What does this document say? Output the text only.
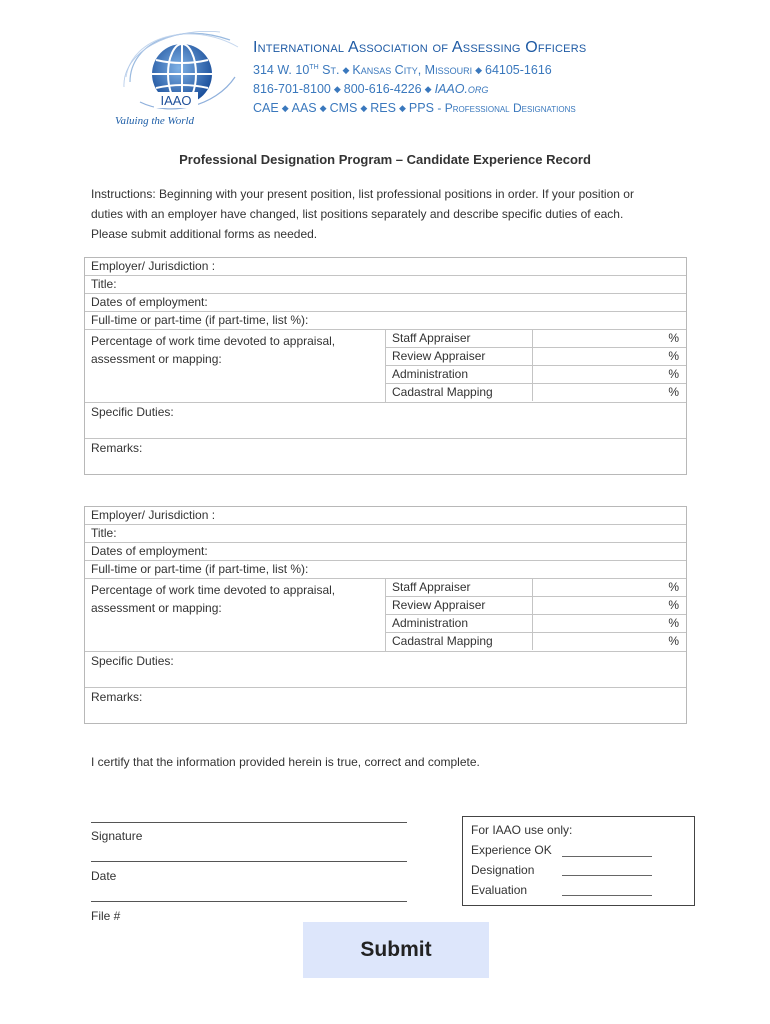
IAAO
Valuing the World
International Association of Assessing Officers
314 W. 10TH St. ◆ Kansas City, Missouri ◆ 64105-1616
816-701-8100 ◆ 800-616-4226 ◆ IAAO.org
CAE ◆ AAS ◆ CMS ◆ RES ◆ PPS - Professional Designations
Professional Designation Program – Candidate Experience Record
Instructions: Beginning with your present position, list professional positions in order. If your position or
duties with an employer have changed, list positions separately and describe specific duties of each.
Please submit additional forms as needed.
Employer/ Jurisdiction :
Title:
Dates of employment:
Full-time or part-time (if part-time, list %):
Percentage of work time devoted to appraisal,
assessment or mapping:
Staff Appraiser	%
Review Appraiser	%
Administration	%
Cadastral Mapping	%
Specific Duties:
Remarks:
Employer/ Jurisdiction :
Title:
Dates of employment:
Full-time or part-time (if part-time, list %):
Percentage of work time devoted to appraisal,
assessment or mapping:
Staff Appraiser	%
Review Appraiser	%
Administration	%
Cadastral Mapping	%
Specific Duties:
Remarks:
I certify that the information provided herein is true, correct and complete.
Signature
Date
File #
For IAAO use only:
Experience OK
Designation
Evaluation
Submit
